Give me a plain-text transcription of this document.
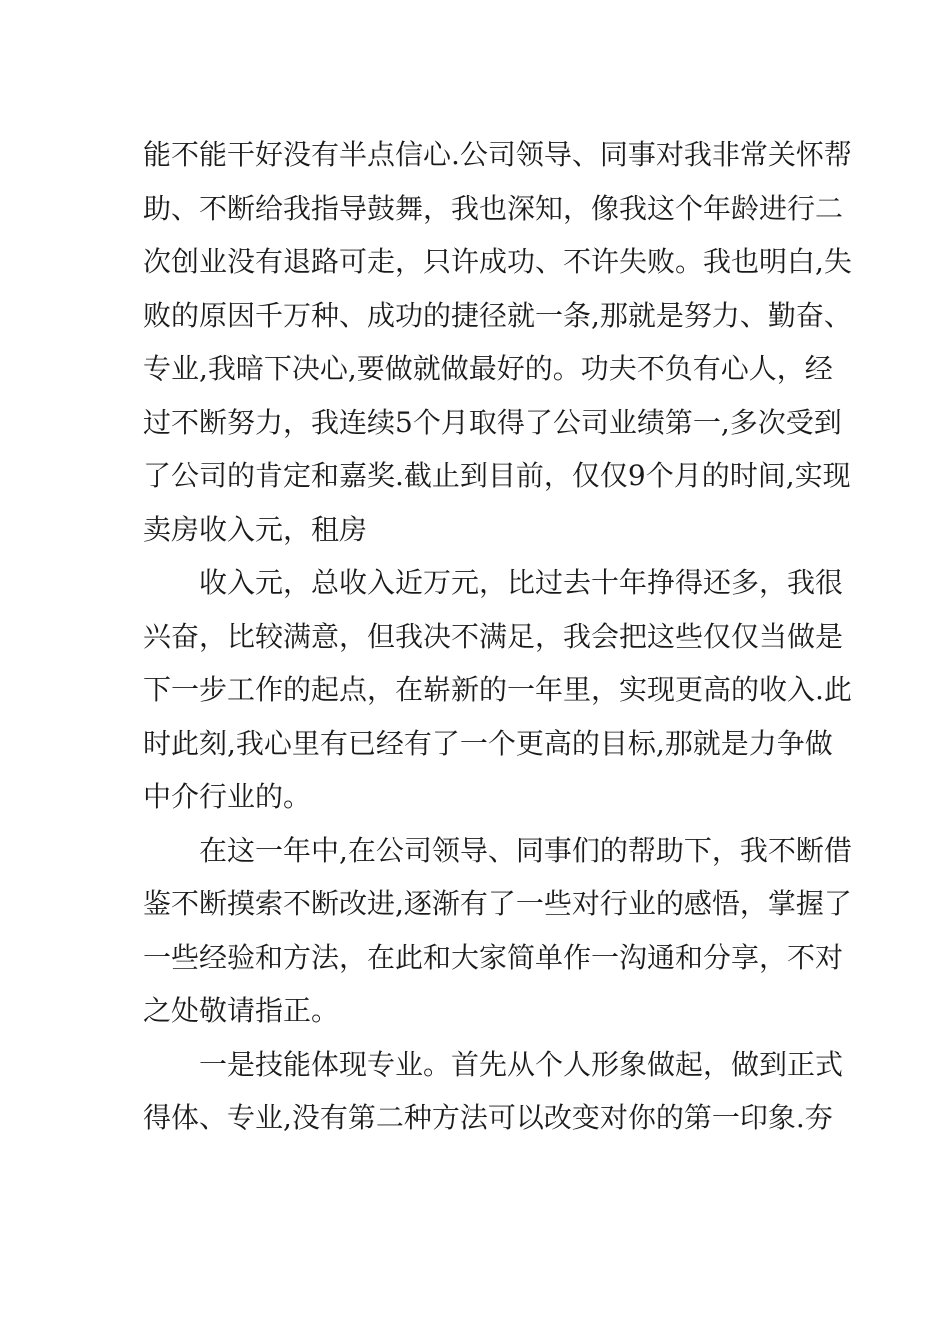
能不能干好没有半点信心.公司领导、同事对我非常关怀帮
助、不断给我指导鼓舞，我也深知，像我这个年龄进行二
次创业没有退路可走，只许成功、不许失败。我也明白,失
败的原因千万种、成功的捷径就一条,那就是努力、勤奋、
专业,我暗下决心,要做就做最好的。功夫不负有心人，经
过不断努力，我连续5个月取得了公司业绩第一,多次受到
了公司的肯定和嘉奖.截止到目前，仅仅9个月的时间,实现
卖房收入元，租房
收入元，总收入近万元，比过去十年挣得还多，我很
兴奋，比较满意，但我决不满足，我会把这些仅仅当做是
下一步工作的起点，在崭新的一年里，实现更高的收入.此
时此刻,我心里有已经有了一个更高的目标,那就是力争做
中介行业的。
在这一年中,在公司领导、同事们的帮助下，我不断借
鉴不断摸索不断改进,逐渐有了一些对行业的感悟，掌握了
一些经验和方法，在此和大家简单作一沟通和分享，不对
之处敬请指正。
一是技能体现专业。首先从个人形象做起，做到正式
得体、专业,没有第二种方法可以改变对你的第一印象.夯
